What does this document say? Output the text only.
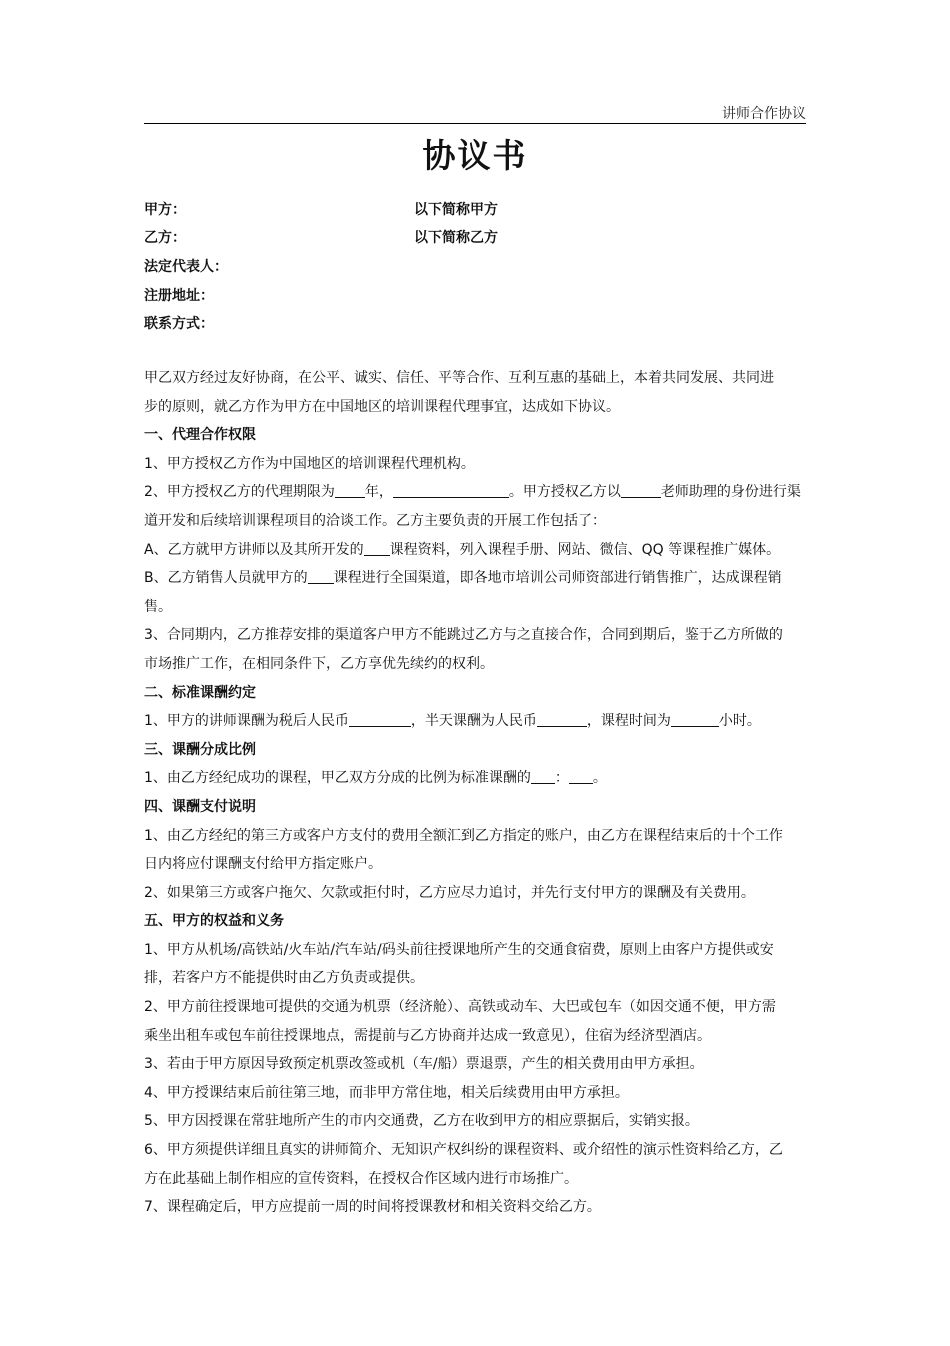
讲师合作协议
协议书
甲方：	以下简称甲方
乙方：	以下简称乙方
法定代表人：
注册地址：
联系方式：

甲乙双方经过友好协商，在公平、诚实、信任、平等合作、互利互惠的基础上，本着共同发展、共同进

步的原则，就乙方作为甲方在中国地区的培训课程代理事宜，达成如下协议。

一、代理合作权限

1、甲方授权乙方作为中国地区的培训课程代理机构。

2、甲方授权乙方的代理期限为 年，	。甲方授权乙方以	老师助理的身份进行渠

道开发和后续培训课程项目的洽谈工作。乙方主要负责的开展工作包括了：

A、乙方就甲方讲师以及其所开发的 课程资料，列入课程手册、网站、微信、QQ 等课程推广媒体。

B、乙方销售人员就甲方的 课程进行全国渠道，即各地市培训公司师资部进行销售推广，达成课程销

售。

3、合同期内，乙方推荐安排的渠道客户甲方不能跳过乙方与之直接合作，合同到期后，鉴于乙方所做的

市场推广工作，在相同条件下，乙方享优先续约的权利。

二、标准课酬约定

1、甲方的讲师课酬为税后人民币	，半天课酬为人民币	，课程时间为	小时。

三、课酬分成比例

1、由乙方经纪成功的课程，甲乙双方分成的比例为标准课酬的 ： 。

四、课酬支付说明

1、由乙方经纪的第三方或客户方支付的费用全额汇到乙方指定的账户，由乙方在课程结束后的十个工作

日内将应付课酬支付给甲方指定账户。

2、如果第三方或客户拖欠、欠款或拒付时，乙方应尽力追讨，并先行支付甲方的课酬及有关费用。

五、甲方的权益和义务

1、甲方从机场/高铁站/火车站/汽车站/码头前往授课地所产生的交通食宿费，原则上由客户方提供或安

排，若客户方不能提供时由乙方负责或提供。

2、甲方前往授课地可提供的交通为机票（经济舱）、高铁或动车、大巴或包车（如因交通不便，甲方需

乘坐出租车或包车前往授课地点，需提前与乙方协商并达成一致意见），住宿为经济型酒店。

3、若由于甲方原因导致预定机票改签或机（车/船）票退票，产生的相关费用由甲方承担。

4、甲方授课结束后前往第三地，而非甲方常住地，相关后续费用由甲方承担。

5、甲方因授课在常驻地所产生的市内交通费，乙方在收到甲方的相应票据后，实销实报。

6、甲方须提供详细且真实的讲师简介、无知识产权纠纷的课程资料、或介绍性的演示性资料给乙方，乙

方在此基础上制作相应的宣传资料，在授权合作区域内进行市场推广。

7、课程确定后，甲方应提前一周的时间将授课教材和相关资料交给乙方。
